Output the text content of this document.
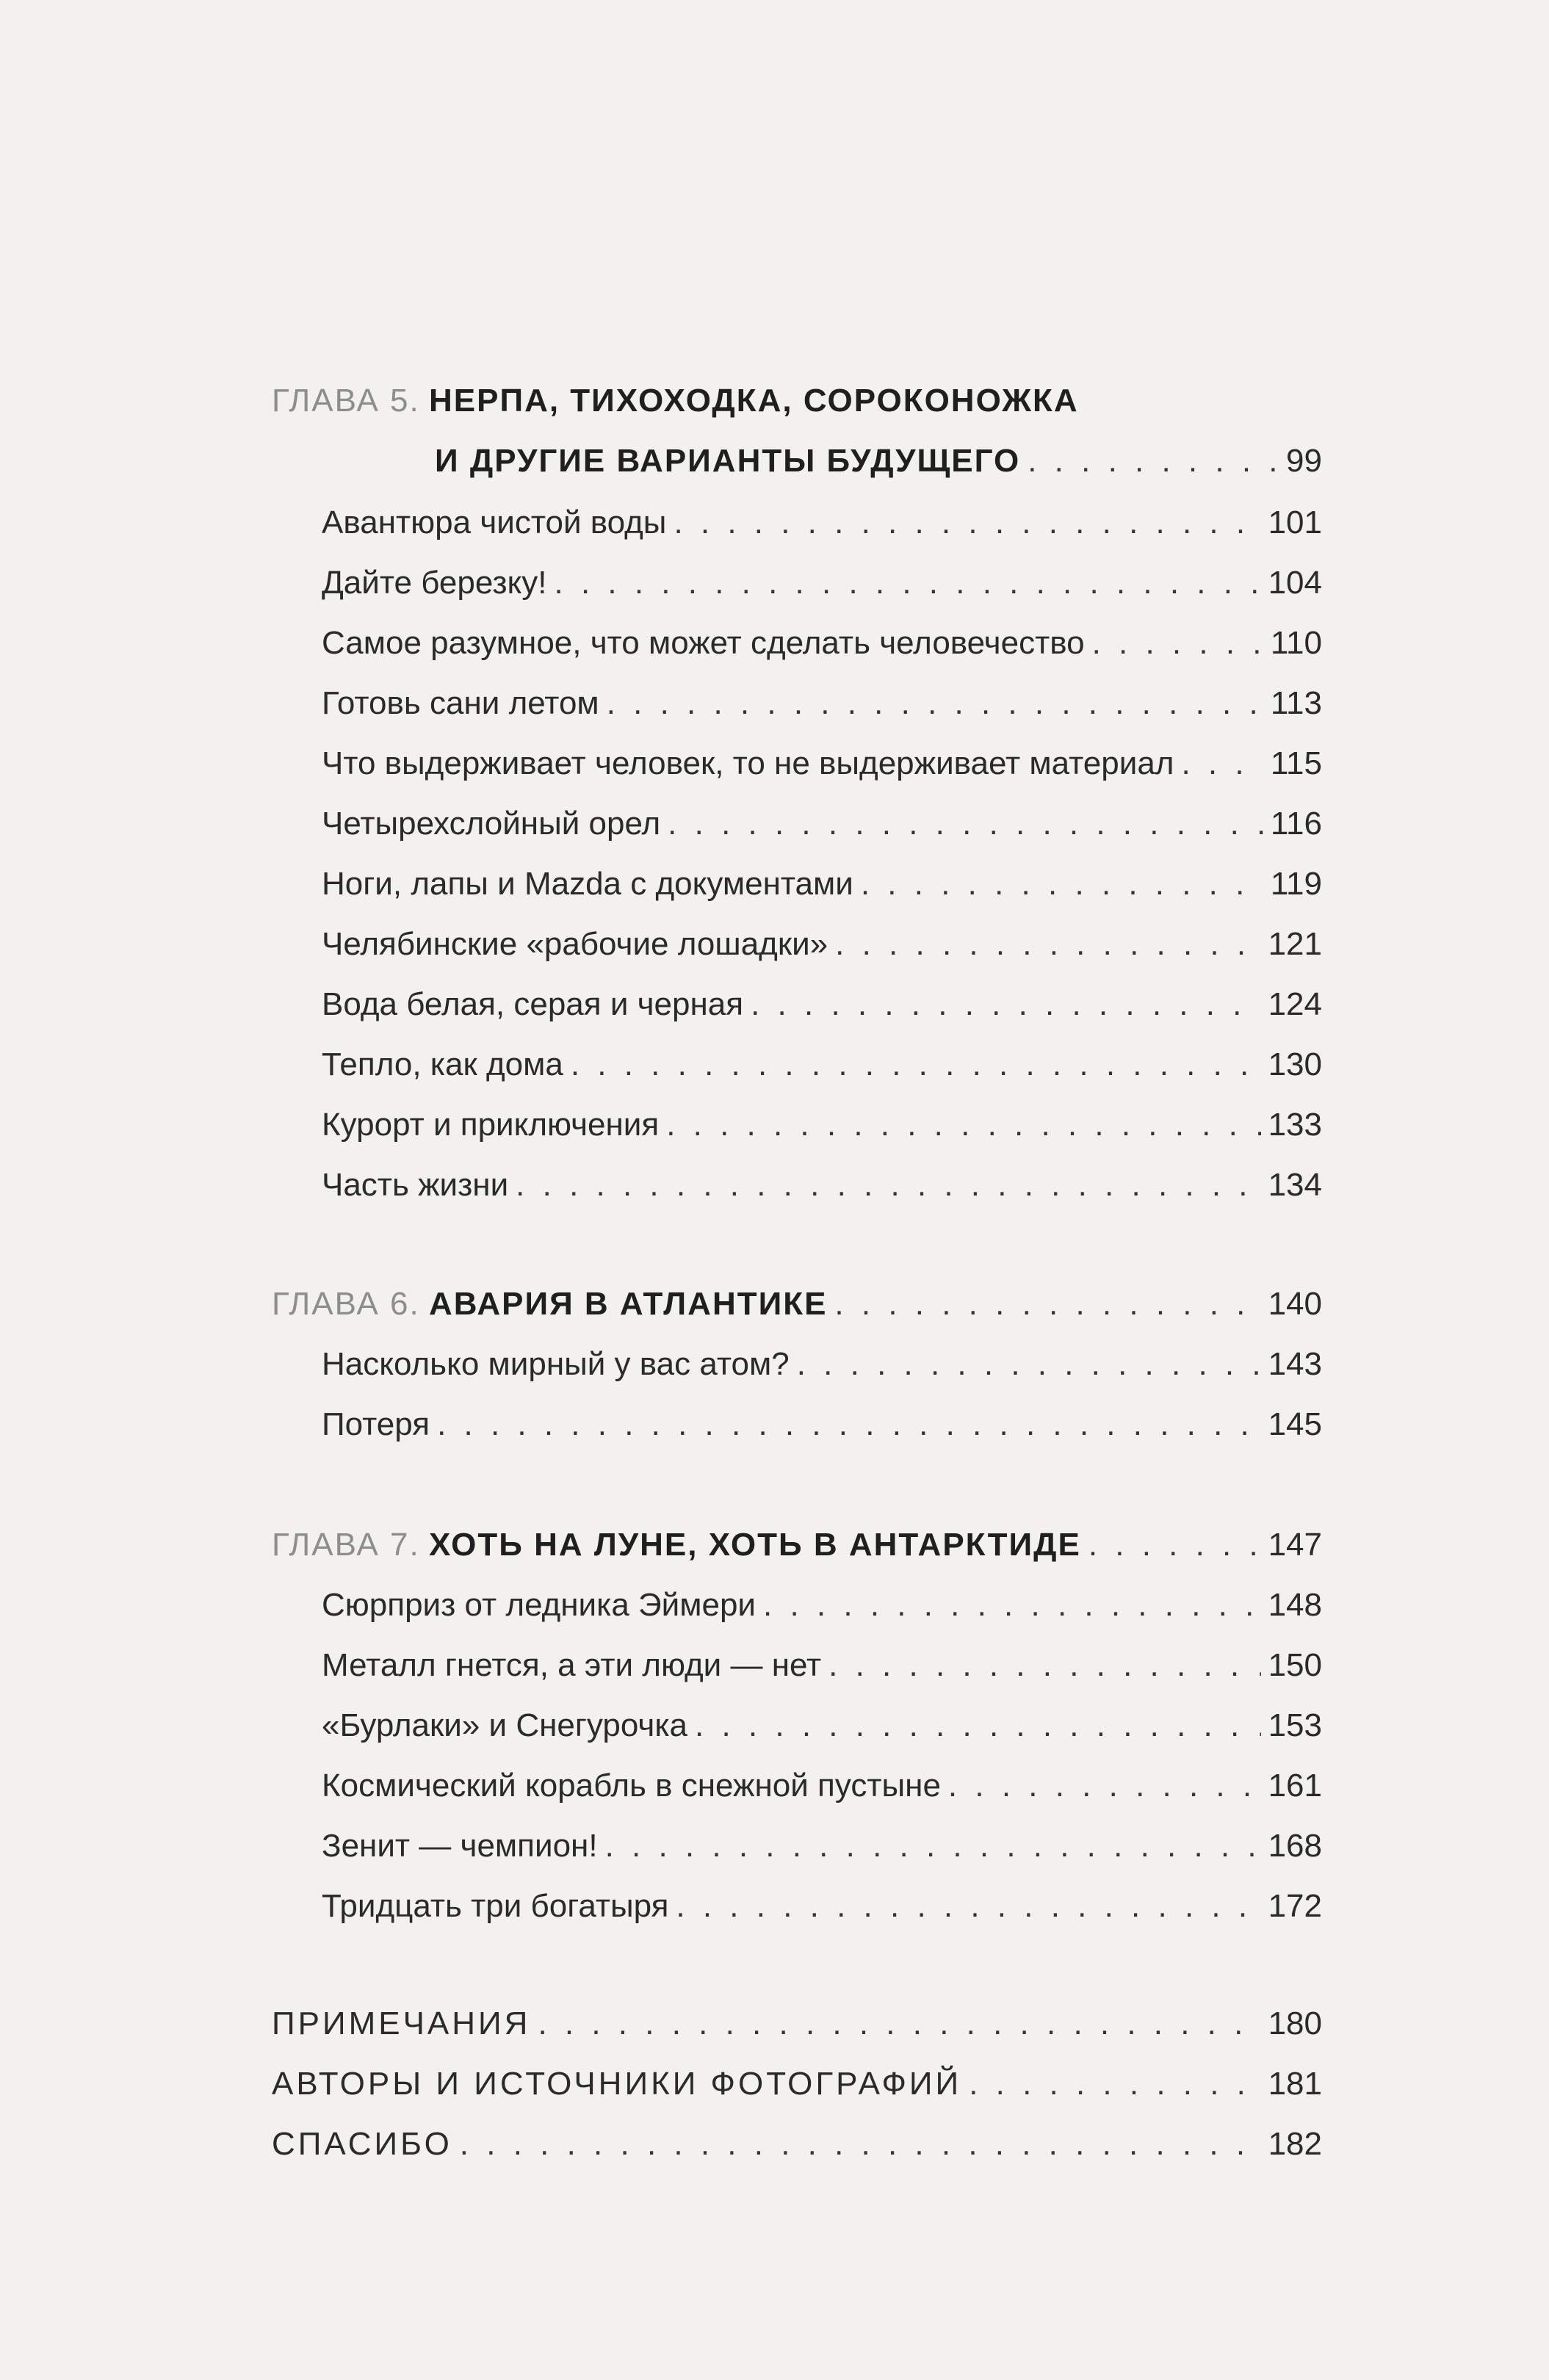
ГЛАВА 5. НЕРПА, ТИХОХОДКА, СОРОКОНОЖКА
И ДРУГИЕ ВАРИАНТЫ БУДУЩЕГО . . .	99
Авантюра чистой воды . . .	101
Дайте березку! . . .	104
Самое разумное, что может сделать человечество . . .	110
Готовь сани летом . . .	113
Что выдерживает человек, то не выдерживает материал . . .	115
Четырехслойный орел . . .	116
Ноги, лапы и Mazda с документами . . .	119
Челябинские «рабочие лошадки» . . .	121
Вода белая, серая и черная . . .	124
Тепло, как дома . . .	130
Курорт и приключения . . .	133
Часть жизни . . .	134
ГЛАВА 6. АВАРИЯ В АТЛАНТИКЕ . . .	140
Насколько мирный у вас атом? . . .	143
Потеря . . .	145
ГЛАВА 7. ХОТЬ НА ЛУНЕ, ХОТЬ В АНТАРКТИДЕ . . .	147
Сюрприз от ледника Эймери . . .	148
Металл гнется, а эти люди — нет . . .	150
«Бурлаки» и Снегурочка . . .	153
Космический корабль в снежной пустыне . . .	161
Зенит — чемпион! . . .	168
Тридцать три богатыря . . .	172
ПРИМЕЧАНИЯ . . .	180
АВТОРЫ И ИСТОЧНИКИ ФОТОГРАФИЙ . . .	181
СПАСИБО . . .	182
